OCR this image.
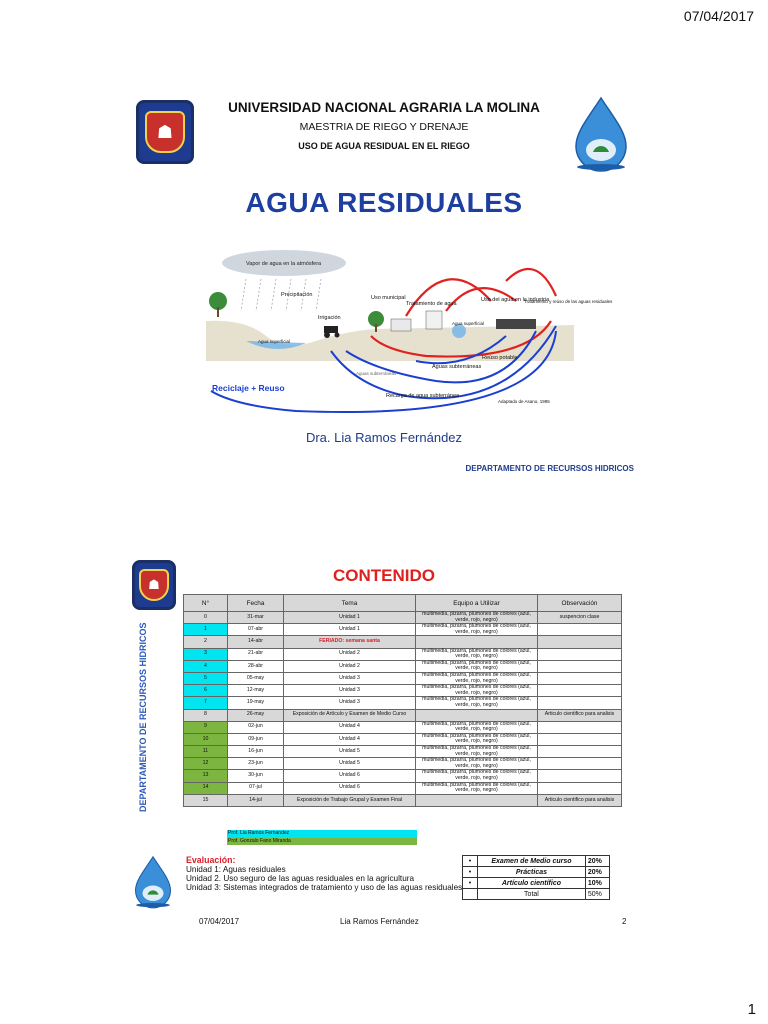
07/04/2017
☗
UNIVERSIDAD NACIONAL AGRARIA LA MOLINA
MAESTRIA DE RIEGO Y DRENAJE
USO DE AGUA RESIDUAL EN EL RIEGO
AGUA RESIDUALES
Vapor de agua en la atmósfera
Precipitación
Irrigación
Uso municipal
Tratamiento de agua
Uso del agua en la industria
Tratamiento y reúso de las aguas residuales
Agua superficial
Agua superficial
Aguas subterráneas
Reúso potable
Recarga de agua subterránea
Aguas subterráneas
Reciclaje + Reuso
Adaptado de Asano, 1995
Dra. Lia Ramos Fernández
DEPARTAMENTO DE RECURSOS HIDRICOS
☗	CONTENIDO
DEPARTAMENTO DE RECURSOS HIDRICOS
N°	Fecha	Tema	Equipo a Utilizar	Observación
0	31-mar	Unidad 1	multimedia, pizarra, plumones de colores (azul, verde, rojo, negro)	suspencion clase
1	07-abr	Unidad 1	multimedia, pizarra, plumones de colores (azul, verde, rojo, negro)	
2	14-abr	FERIADO: semana santa		
3	21-abr	Unidad 2	multimedia, pizarra, plumones de colores (azul, verde, rojo, negro)	
4	28-abr	Unidad 2	multimedia, pizarra, plumones de colores (azul, verde, rojo, negro)	
5	05-may	Unidad 3	multimedia, pizarra, plumones de colores (azul, verde, rojo, negro)	
6	12-may	Unidad 3	multimedia, pizarra, plumones de colores (azul, verde, rojo, negro)	
7	19-may	Unidad 3	multimedia, pizarra, plumones de colores (azul, verde, rojo, negro)	
8	26-may	Exposición de Artículo y Examen de Medio Curso		Articulo cientifico para analisis
9	02-jun	Unidad 4	multimedia, pizarra, plumones de colores (azul, verde, rojo, negro)	
10	09-jun	Unidad 4	multimedia, pizarra, plumones de colores (azul, verde, rojo, negro)	
11	16-jun	Unidad 5	multimedia, pizarra, plumones de colores (azul, verde, rojo, negro)	
12	23-jun	Unidad 5	multimedia, pizarra, plumones de colores (azul, verde, rojo, negro)	
13	30-jun	Unidad 6	multimedia, pizarra, plumones de colores (azul, verde, rojo, negro)	
14	07-jul	Unidad 6	multimedia, pizarra, plumones de colores (azul, verde, rojo, negro)	
15	14-jul	Exposición de Trabajo Grupal y Examen Final		Articulo cientifico para analisis
Prof. Lia Ramos Fernandez
Prof. Gonzalo Fano Miranda
Evaluación:
Unidad 1: Aguas residuales
Unidad 2. Uso seguro de las aguas residuales en la agricultura
Unidad 3: Sistemas integrados de tratamiento y uso de las aguas residuales
•	Examen de Medio curso	20%
•	Prácticas	20%
•	Artículo científico	10%
	Total	50%
07/04/2017	Lia Ramos Fernández	2
1
